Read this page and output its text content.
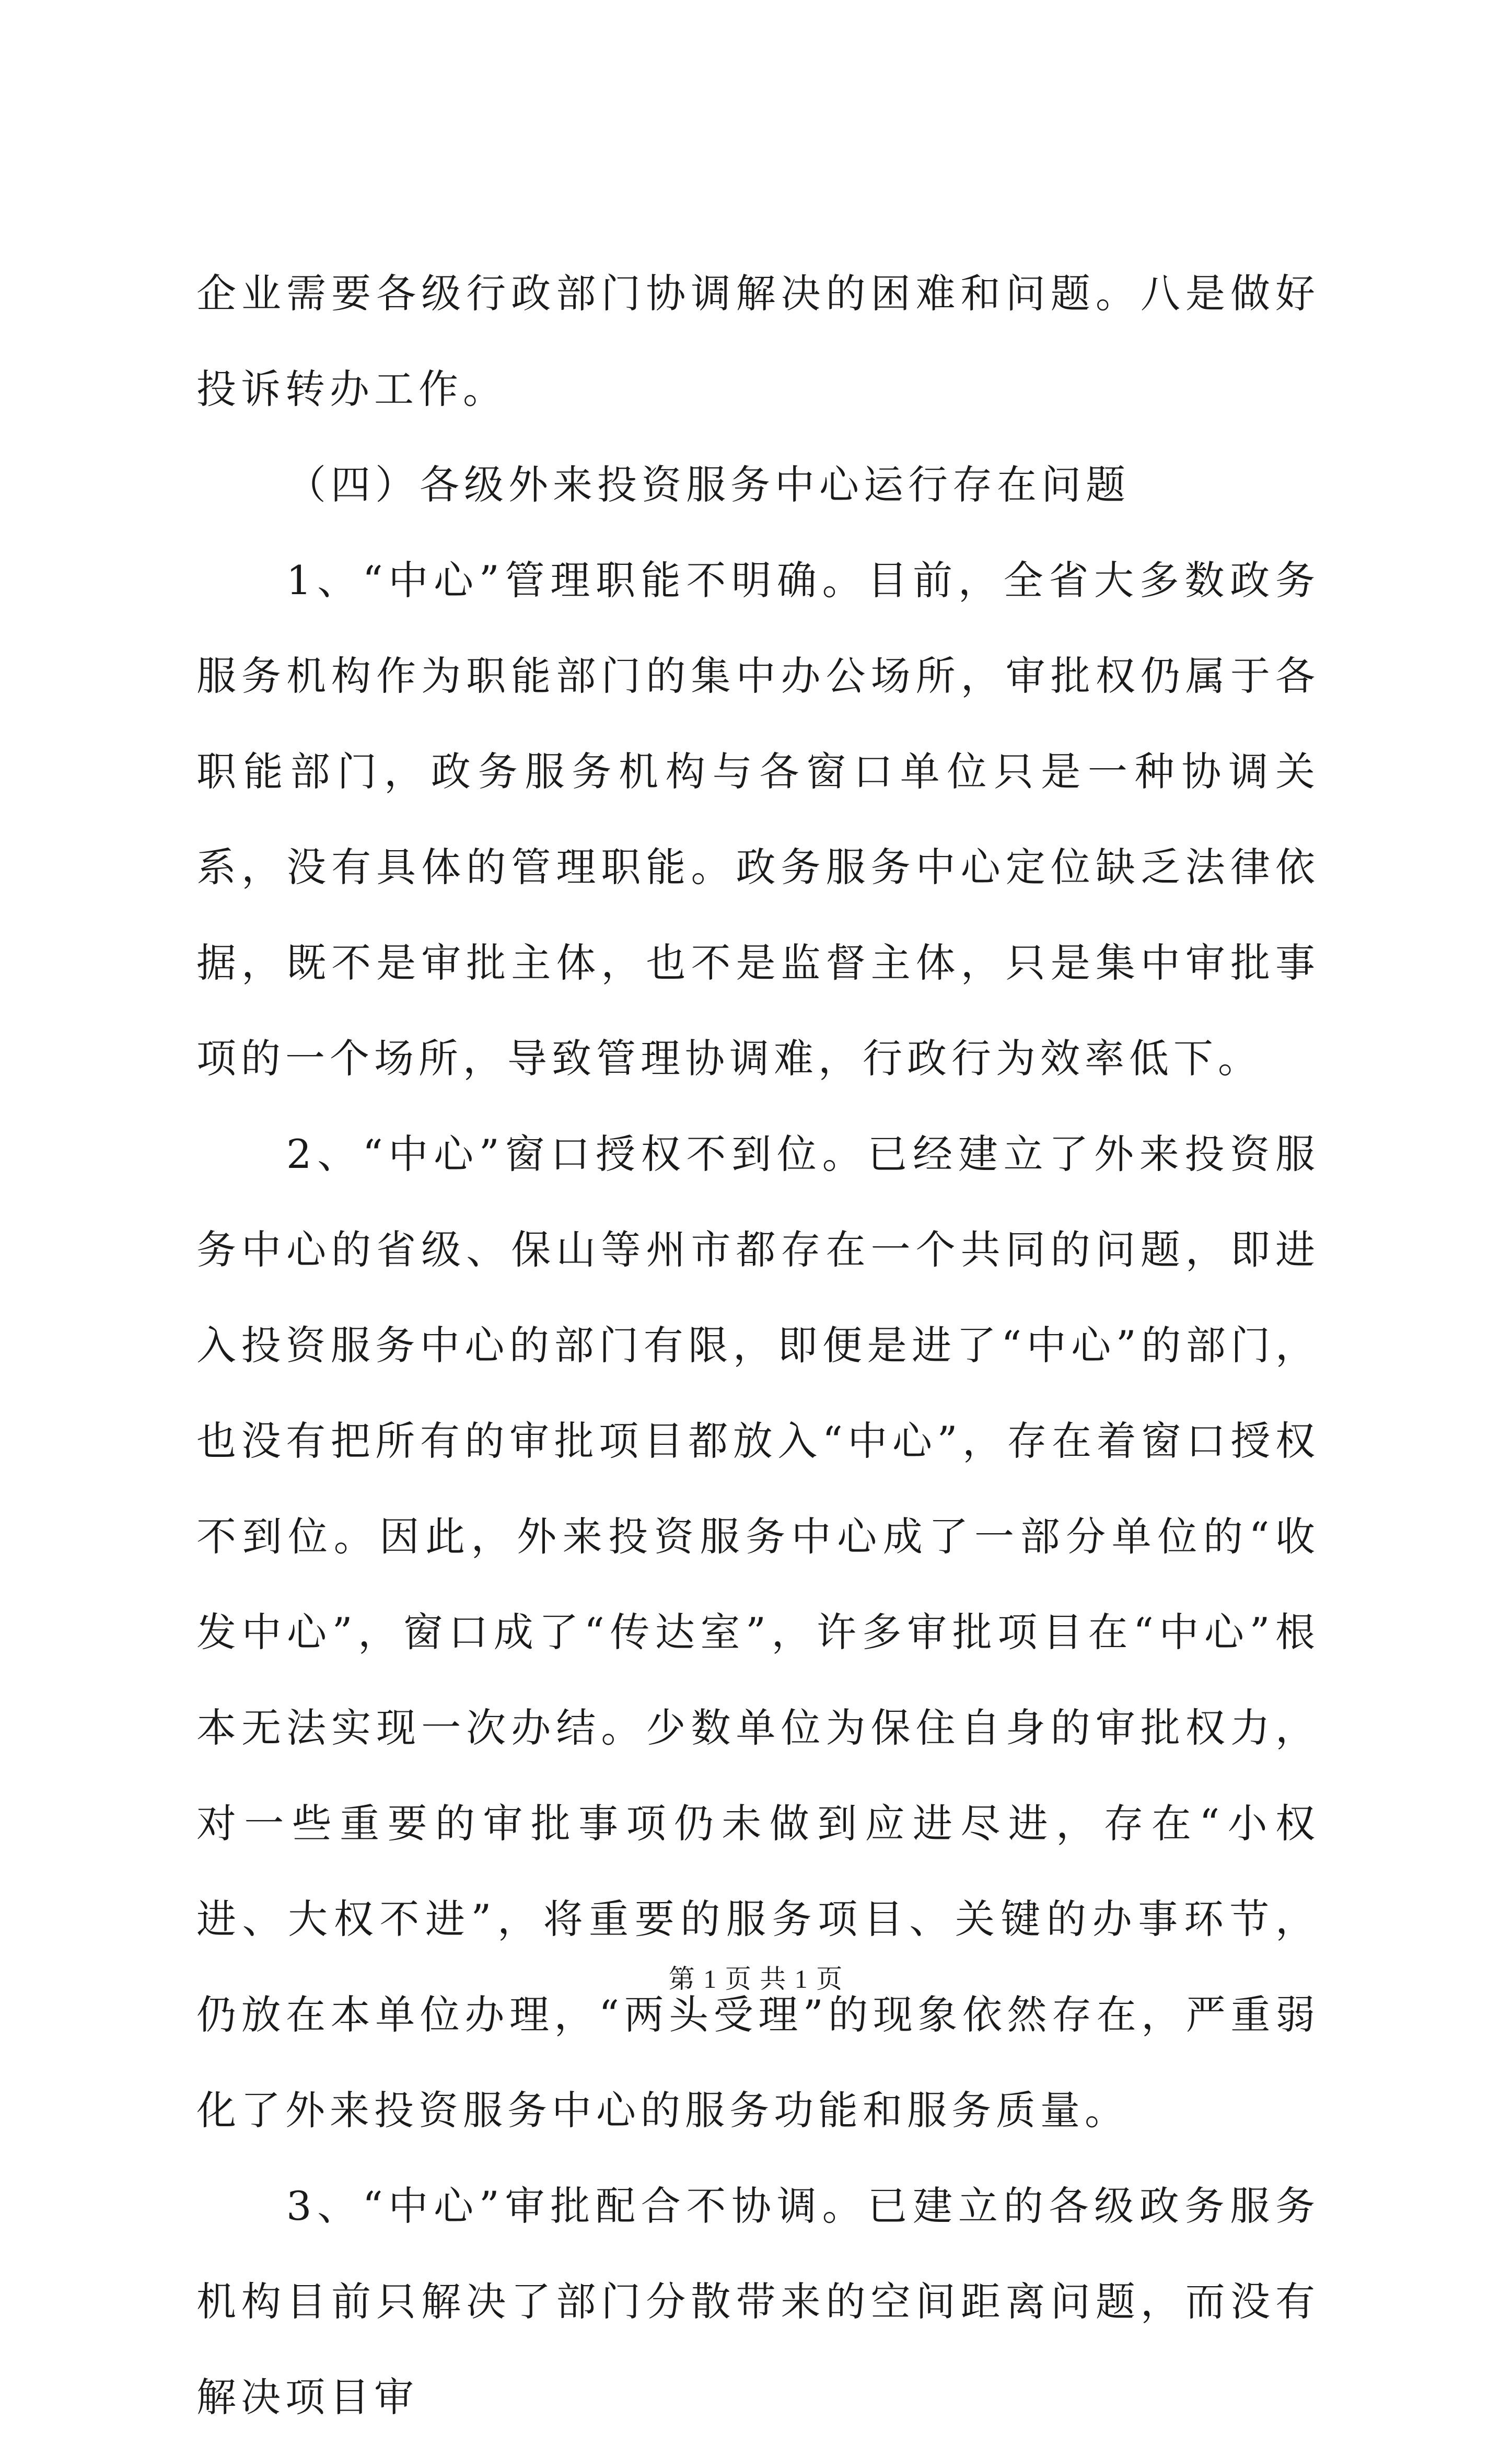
企业需要各级行政部门协调解决的困难和问题。八是做好投诉转办工作。

（四）各级外来投资服务中心运行存在问题

1、“中心”管理职能不明确。目前，全省大多数政务服务机构作为职能部门的集中办公场所，审批权仍属于各职能部门，政务服务机构与各窗口单位只是一种协调关系，没有具体的管理职能。政务服务中心定位缺乏法律依据，既不是审批主体，也不是监督主体，只是集中审批事项的一个场所，导致管理协调难，行政行为效率低下。

2、“中心”窗口授权不到位。已经建立了外来投资服务中心的省级、保山等州市都存在一个共同的问题，即进入投资服务中心的部门有限，即便是进了“中心”的部门，也没有把所有的审批项目都放入“中心”，存在着窗口授权不到位。因此，外来投资服务中心成了一部分单位的“收发中心”，窗口成了“传达室”，许多审批项目在“中心”根本无法实现一次办结。少数单位为保住自身的审批权力，对一些重要的审批事项仍未做到应进尽进，存在“小权进、大权不进”，将重要的服务项目、关键的办事环节，仍放在本单位办理，“两头受理”的现象依然存在，严重弱化了外来投资服务中心的服务功能和服务质量。

3、“中心”审批配合不协调。已建立的各级政务服务机构目前只解决了部门分散带来的空间距离问题，而没有解决项目审

第 1 页 共 1 页
